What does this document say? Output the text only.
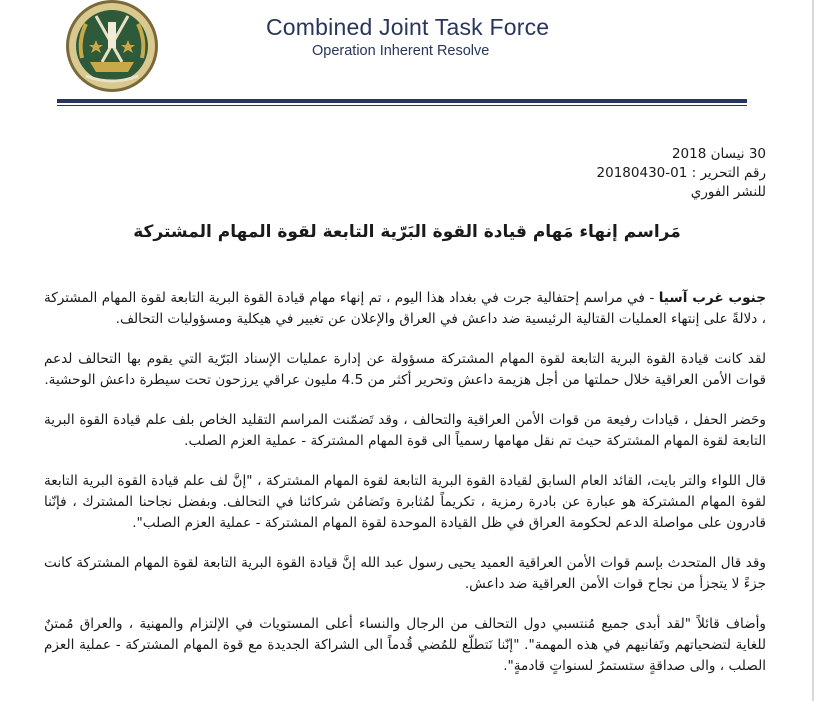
Combined Joint Task Force
Operation Inherent Resolve
30 نيسان 2018
رقم التحرير : 01-20180430
للنشر الفوري
مَراسم إنهاء مَهام قيادة القوة البَرّية التابعة لقوة المهام المشتركة

جنوب غرب آسيا - في مراسم إحتفالية جرت في بغداد هذا اليوم ، تم إنهاء مهام قيادة القوة البرية التابعة لقوة المهام المشتركة ، دلالةً على إنتهاء العمليات القتالية الرئيسية ضد داعش في العراق والإعلان عن تغيير في هيكلية ومسؤوليات التحالف.

لقد كانت قيادة القوة البرية التابعة لقوة المهام المشتركة مسؤولة عن إدارة عمليات الإسناد البَرّية التي يقوم بها التحالف لدعم قوات الأمن العراقية خلال حملتها من أجل هزيمة داعش وتحرير أكثر من 4.5 مليون عراقي يرزحون تحت سيطرة داعش الوحشية.

وحَضر الحفل ، قيادات رفيعة من قوات الأمن العراقية والتحالف ، وقد تَضمّنت المراسم التقليد الخاص بلف علم قيادة القوة البرية التابعة لقوة المهام المشتركة حيث تم نقل مهامها رسمياً الى قوة المهام المشتركة - عملية العزم الصلب.

قال اللواء والتر بايت، القائد العام السابق لقيادة القوة البرية التابعة لقوة المهام المشتركة ، "إنَّ لف علم قيادة القوة البرية التابعة لقوة المهام المشتركة هو عبارة عن بادرة رمزية ، تكريماً لمُثابرة وتَضامُن شركائنا في التحالف. وبفضل نجاحنا المشترك ، فإنّنا قادرون على مواصلة الدعم لحكومة العراق في ظل القيادة الموحدة لقوة المهام المشتركة - عملية العزم الصلب".

وقد قال المتحدث بإسم قوات الأمن العراقية العميد يحيى رسول عبد الله إنَّ قيادة القوة البرية التابعة لقوة المهام المشتركة كانت جزءً لا يتجزأ من نجاح قوات الأمن العراقية ضد داعش.

وأضاف قائلاً "لقد أبدى جميع مُنتسبي دول التحالف من الرجال والنساء أعلى المستويات في الإلتزام والمهنية ، والعراق مُمتنٌ للغاية لتضحياتهم وتَفانيهم في هذه المهمة". "إنّنا نَتطلّع للمُضي قُدماً الى الشراكة الجديدة مع قوة المهام المشتركة - عملية العزم الصلب ، والى صداقةٍ ستستمرُ لسنواتٍ قادمةٍ".
